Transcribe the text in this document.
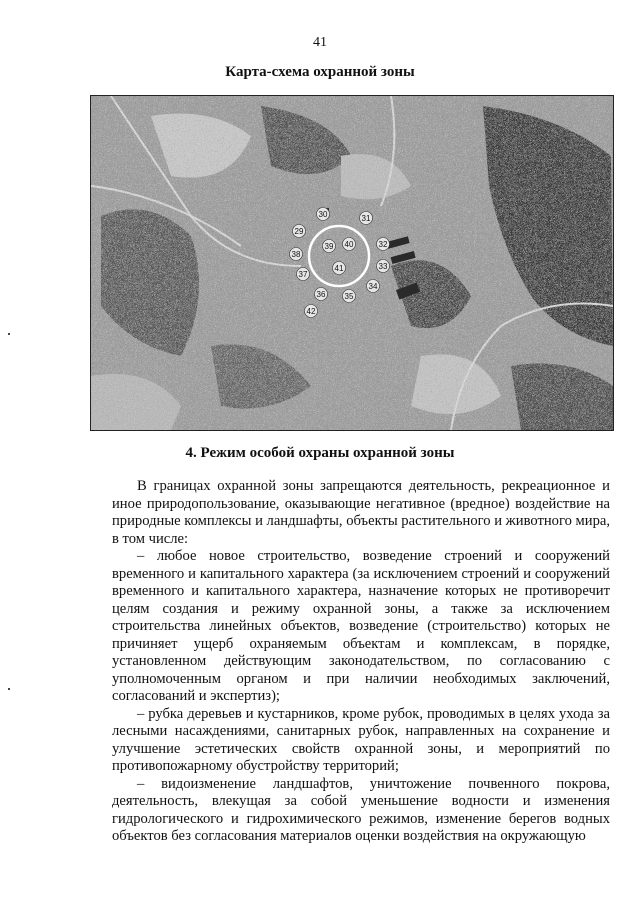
41
Карта-схема охранной зоны
29
30	31
32
33
34
35
36
37
38
39 40
41
42
4. Режим особой охраны охранной зоны

В границах охранной зоны запрещаются деятельность, рекреационное и иное природопользование, оказывающие негативное (вредное) воздействие на природные комплексы и ландшафты, объекты растительного и животного мира, в том числе:

– любое новое строительство, возведение строений и сооружений временного и капитального характера (за исключением строений и сооружений временного и капитального характера, назначение которых не противоречит целям создания и режиму охранной зоны, а также за исключением строительства линейных объектов, возведение (строительство) которых не причиняет ущерб охраняемым объектам и комплексам, в порядке, установленном действующим законодательством, по согласованию с уполномоченным органом и при наличии необходимых заключений, согласований и экспертиз);

– рубка деревьев и кустарников, кроме рубок, проводимых в целях ухода за лесными насаждениями, санитарных рубок, направленных на сохранение и улучшение эстетических свойств охранной зоны, и мероприятий по противопожарному обустройству территорий;

– видоизменение ландшафтов, уничтожение почвенного покрова, деятельность, влекущая за собой уменьшение водности и изменения гидрологического и гидрохимического режимов, изменение берегов водных объектов без согласования материалов оценки воздействия на окружающую
